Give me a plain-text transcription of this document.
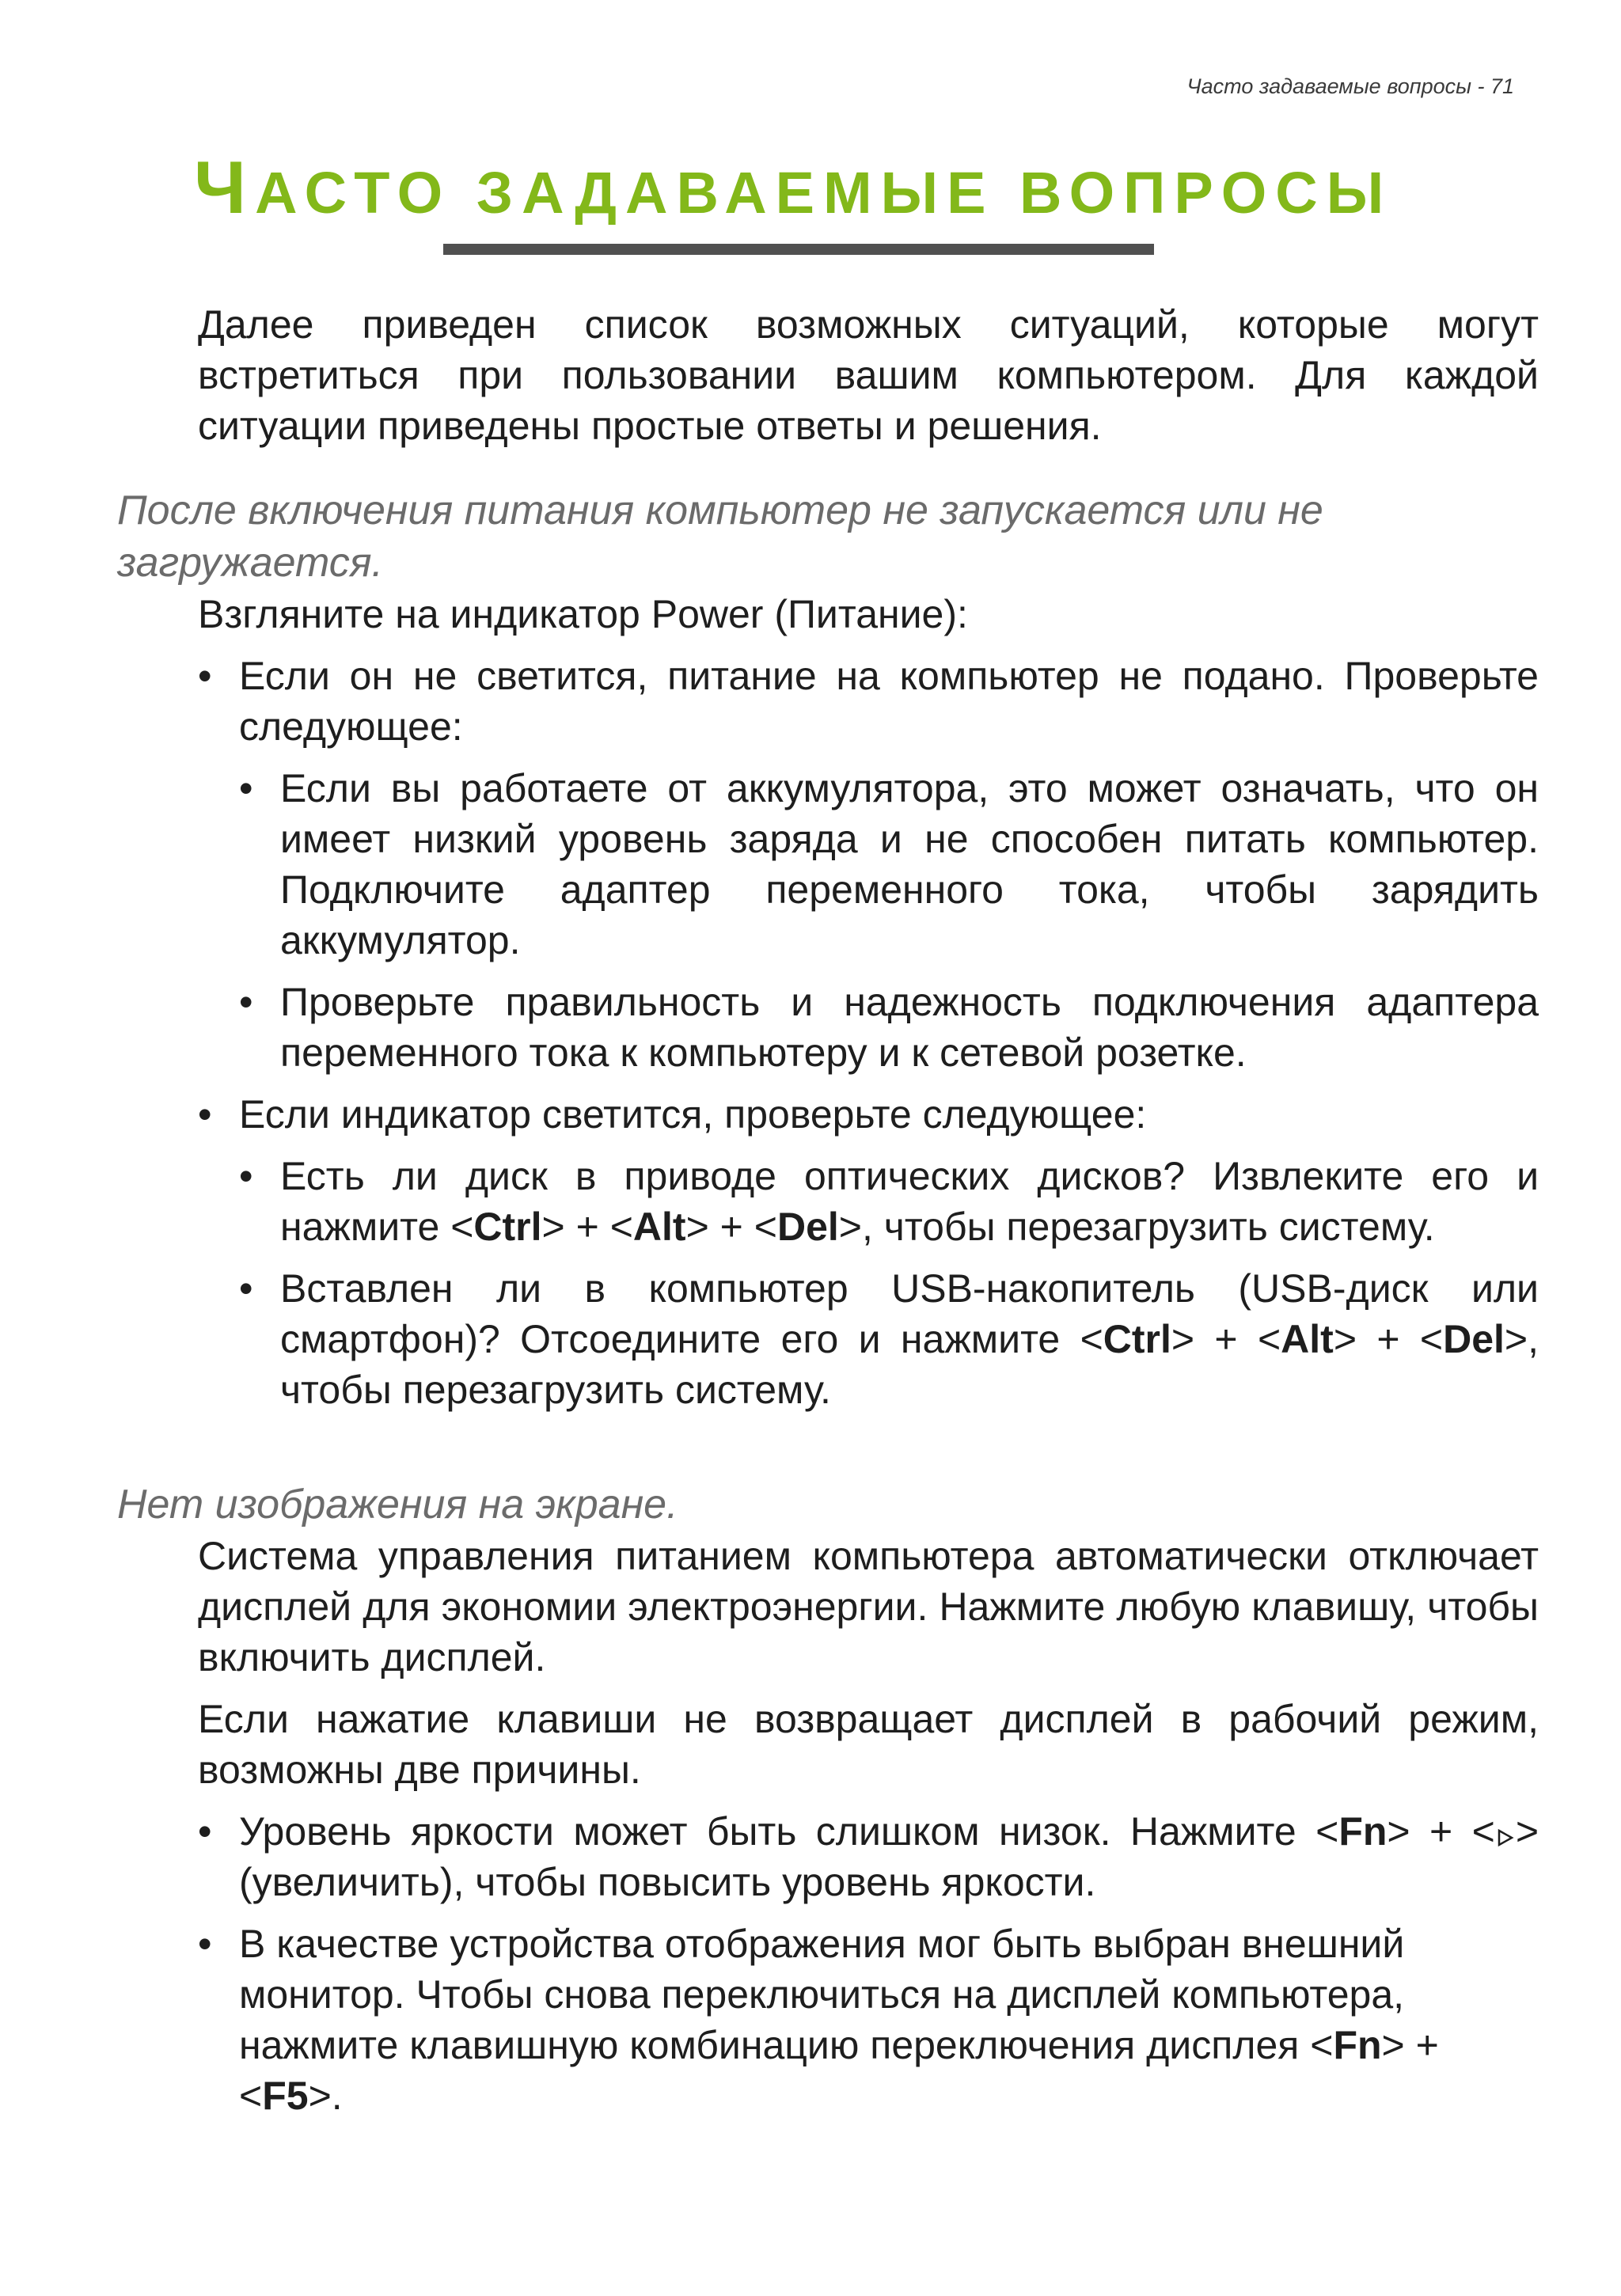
Часто задаваемые вопросы - 71
ЧАСТО ЗАДАВАЕМЫЕ ВОПРОСЫ

Далее приведен список возможных ситуаций, которые могут встретиться при пользовании вашим компьютером. Для каждой ситуации приведены простые ответы и решения.

После включения питания компьютер не запускается или не загружается.

Взгляните на индикатор Power (Питание):

• Если он не светится, питание на компьютер не подано. Проверьте следующее:
• Если вы работаете от аккумулятора, это может означать, что он имеет низкий уровень заряда и не способен питать компьютер. Подключите адаптер переменного тока, чтобы зарядить аккумулятор.
• Проверьте правильность и надежность подключения адаптера переменного тока к компьютеру и к сетевой розетке.
• Если индикатор светится, проверьте следующее:
• Есть ли диск в приводе оптических дисков? Извлеките его и нажмите <Ctrl> + <Alt> + <Del>, чтобы перезагрузить систему.
• Вставлен ли в компьютер USB-накопитель (USB-диск или смартфон)? Отсоедините его и нажмите <Ctrl> + <Alt> + <Del>, чтобы перезагрузить систему.
Нет изображения на экране.

Система управления питанием компьютера автоматически отключает дисплей для экономии электроэнергии. Нажмите любую клавишу, чтобы включить дисплей.

Если нажатие клавиши не возвращает дисплей в рабочий режим, возможны две причины.

• Уровень яркости может быть слишком низок. Нажмите <Fn> + < > (увеличить), чтобы повысить уровень яркости.
• В качестве устройства отображения мог быть выбран внешний монитор. Чтобы снова переключиться на дисплей компьютера, нажмите клавишную комбинацию переключения дисплея <Fn> + <F5>.
